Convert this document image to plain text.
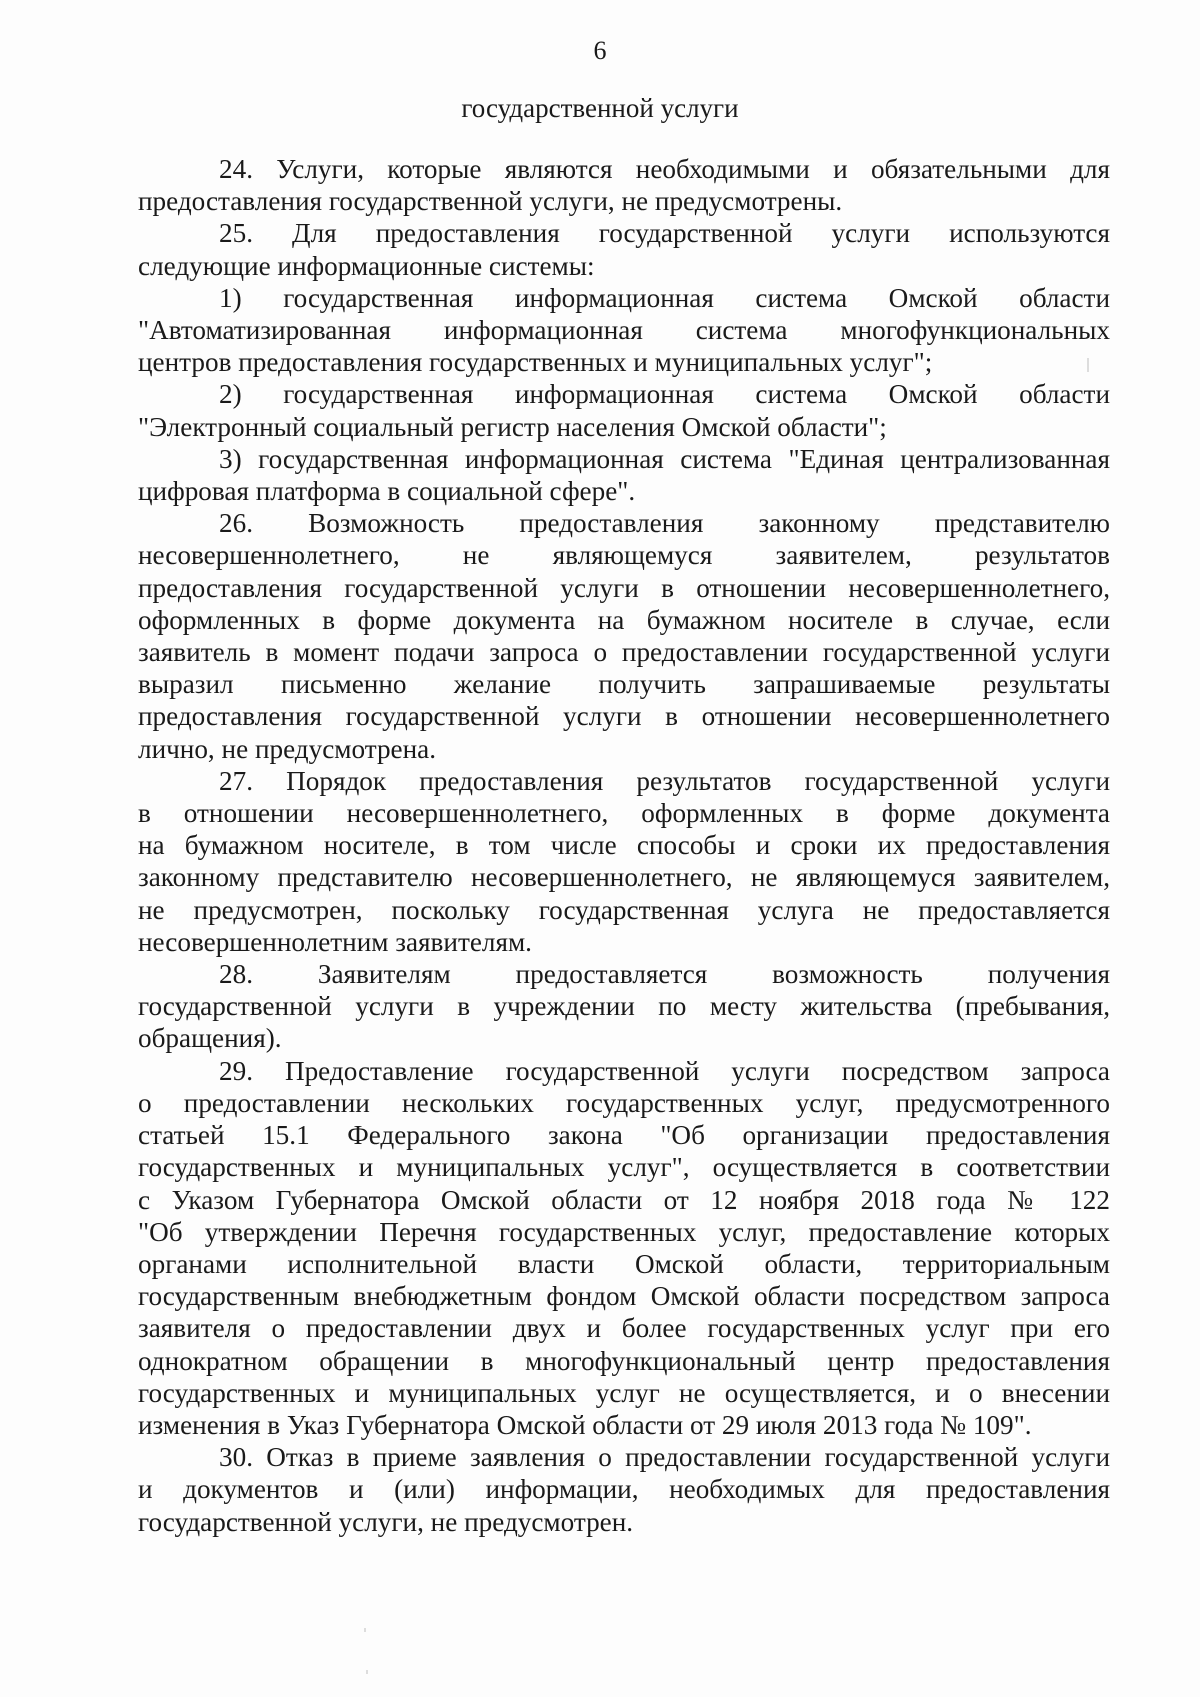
6
государственной услуги

24. Услуги, которые являются необходимыми и обязательными для
предоставления государственной услуги, не предусмотрены.

25. Для предоставления государственной услуги используются
следующие информационные системы:

1) государственная информационная система Омской области
"Автоматизированная информационная система многофункциональных
центров предоставления государственных и муниципальных услуг";

2) государственная информационная система Омской области
"Электронный социальный регистр населения Омской области";

3) государственная информационная система "Единая централизованная
цифровая платформа в социальной сфере".

26. Возможность предоставления законному представителю
несовершеннолетнего, не являющемуся заявителем, результатов
предоставления государственной услуги в отношении несовершеннолетнего,
оформленных в форме документа на бумажном носителе в случае, если
заявитель в момент подачи запроса о предоставлении государственной услуги
выразил письменно желание получить запрашиваемые результаты
предоставления государственной услуги в отношении несовершеннолетнего
лично, не предусмотрена.

27. Порядок предоставления результатов государственной услуги
в отношении несовершеннолетнего, оформленных в форме документа
на бумажном носителе, в том числе способы и сроки их предоставления
законному представителю несовершеннолетнего, не являющемуся заявителем,
не предусмотрен, поскольку государственная услуга не предоставляется
несовершеннолетним заявителям.

28. Заявителям предоставляется возможность получения
государственной услуги в учреждении по месту жительства (пребывания,
обращения).

29. Предоставление государственной услуги посредством запроса
о предоставлении нескольких государственных услуг, предусмотренного
статьей 15.1 Федерального закона "Об организации предоставления
государственных и муниципальных услуг", осуществляется в соответствии
с Указом Губернатора Омской области от 12 ноября 2018 года № 122
"Об утверждении Перечня государственных услуг, предоставление которых
органами исполнительной власти Омской области, территориальным
государственным внебюджетным фондом Омской области посредством запроса
заявителя о предоставлении двух и более государственных услуг при его
однократном обращении в многофункциональный центр предоставления
государственных и муниципальных услуг не осуществляется, и о внесении
изменения в Указ Губернатора Омской области от 29 июля 2013 года № 109".

30. Отказ в приеме заявления о предоставлении государственной услуги
и документов и (или) информации, необходимых для предоставления
государственной услуги, не предусмотрен.
